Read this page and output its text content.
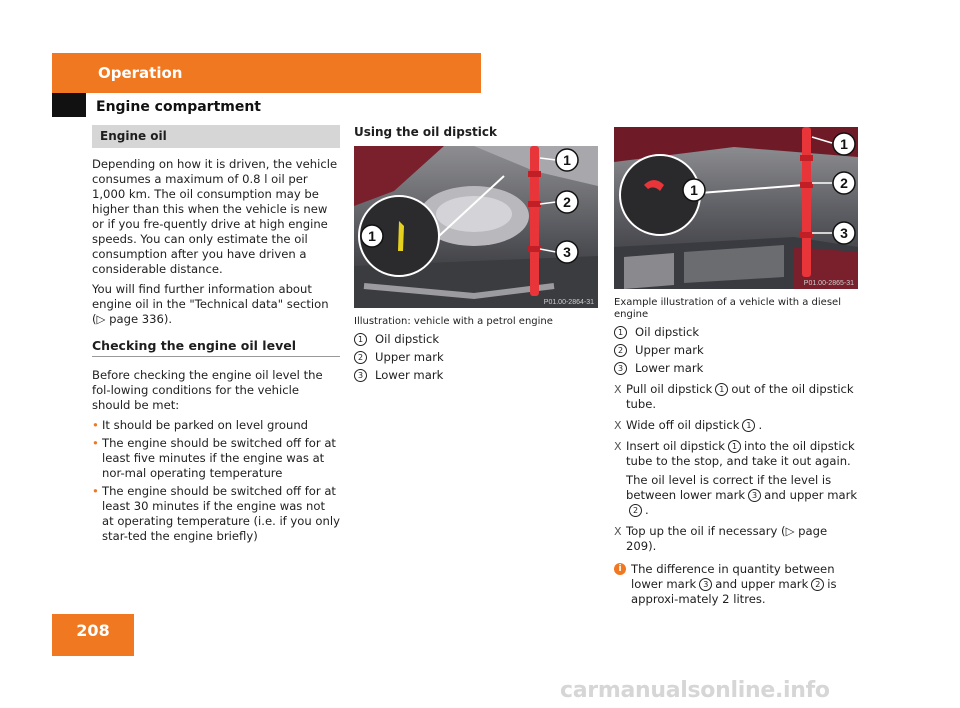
Operation
Engine compartment
Engine oil

Depending on how it is driven, the vehicle consumes a maximum of 0.8 l oil per 1,000 km. The oil consumption may be higher than this when the vehicle is new or if you fre-quently drive at high engine speeds. You can only estimate the oil consumption after you have driven a considerable distance.

You will find further information about engine oil in the "Technical data" section
(▷ page 336).

Checking the engine oil level

Before checking the engine oil level the fol-lowing conditions for the vehicle should be met:

• It should be parked on level ground
• The engine should be switched off for at least five minutes if the engine was at nor-mal operating temperature
• The engine should be switched off for at least 30 minutes if the engine was not at operating temperature (i.e. if you only star-ted the engine briefly)
Using the oil dipstick
1
2
3
1
P01.00-2864-31
Illustration: vehicle with a petrol engine
1	Oil dipstick
2	Upper mark
3	Lower mark
1
2
3
1
P01.00-2865-31
Example illustration of a vehicle with a diesel engine
1	Oil dipstick
2	Upper mark
3	Lower mark
X Pull oil dipstick 1 out of the oil dipstick tube.
X Wide off oil dipstick 1 .
X Insert oil dipstick 1 into the oil dipstick tube to the stop, and take it out again.

The oil level is correct if the level is between lower mark 3 and upper mark2 .
X Top up the oil if necessary (▷ page 209).
i The difference in quantity between lower mark 3 and upper mark 2 is approxi-mately 2 litres.
208
carmanualsonline.info
